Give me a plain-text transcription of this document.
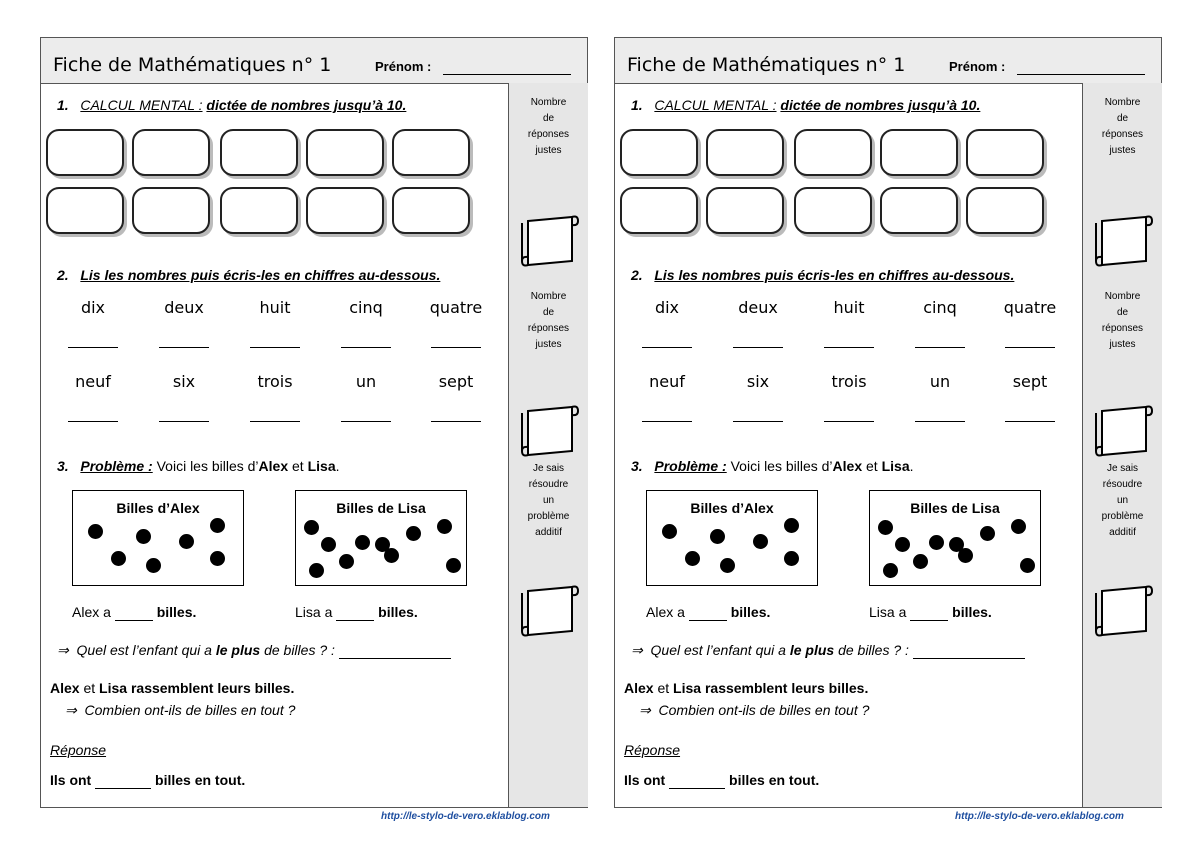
Fiche de Mathématiques n° 1	Prénom :
Nombre
de
réponses
justes
Nombre
de
réponses
justes
Je sais
résoudre
un
problème
additif
1. CALCUL MENTAL : dictée de nombres jusqu’à 10.
2. Lis les nombres puis écris-les en chiffres au-dessous.
dix	deux	huit	cinq	quatre
neuf	six	trois	un	sept
3. Problème : Voici les billes d’Alex et Lisa.
Billes d’Alex	Billes de Lisa
Alex a	billes.	Lisa a	billes.
⇒ Quel est l’enfant qui a le plus de billes ? :
Alex et Lisa rassemblent leurs billes.
⇒ Combien ont-ils de billes en tout ?
Réponse
Ils ont	billes en tout.
http://le-stylo-de-vero.eklablog.com
Fiche de Mathématiques n° 1	Prénom :
Nombre
de
réponses
justes
Nombre
de
réponses
justes
Je sais
résoudre
un
problème
additif
1. CALCUL MENTAL : dictée de nombres jusqu’à 10.
2. Lis les nombres puis écris-les en chiffres au-dessous.
dix	deux	huit	cinq	quatre
neuf	six	trois	un	sept
3. Problème : Voici les billes d’Alex et Lisa.
Billes d’Alex	Billes de Lisa
Alex a	billes.	Lisa a	billes.
⇒ Quel est l’enfant qui a le plus de billes ? :
Alex et Lisa rassemblent leurs billes.
⇒ Combien ont-ils de billes en tout ?
Réponse
Ils ont	billes en tout.
http://le-stylo-de-vero.eklablog.com
